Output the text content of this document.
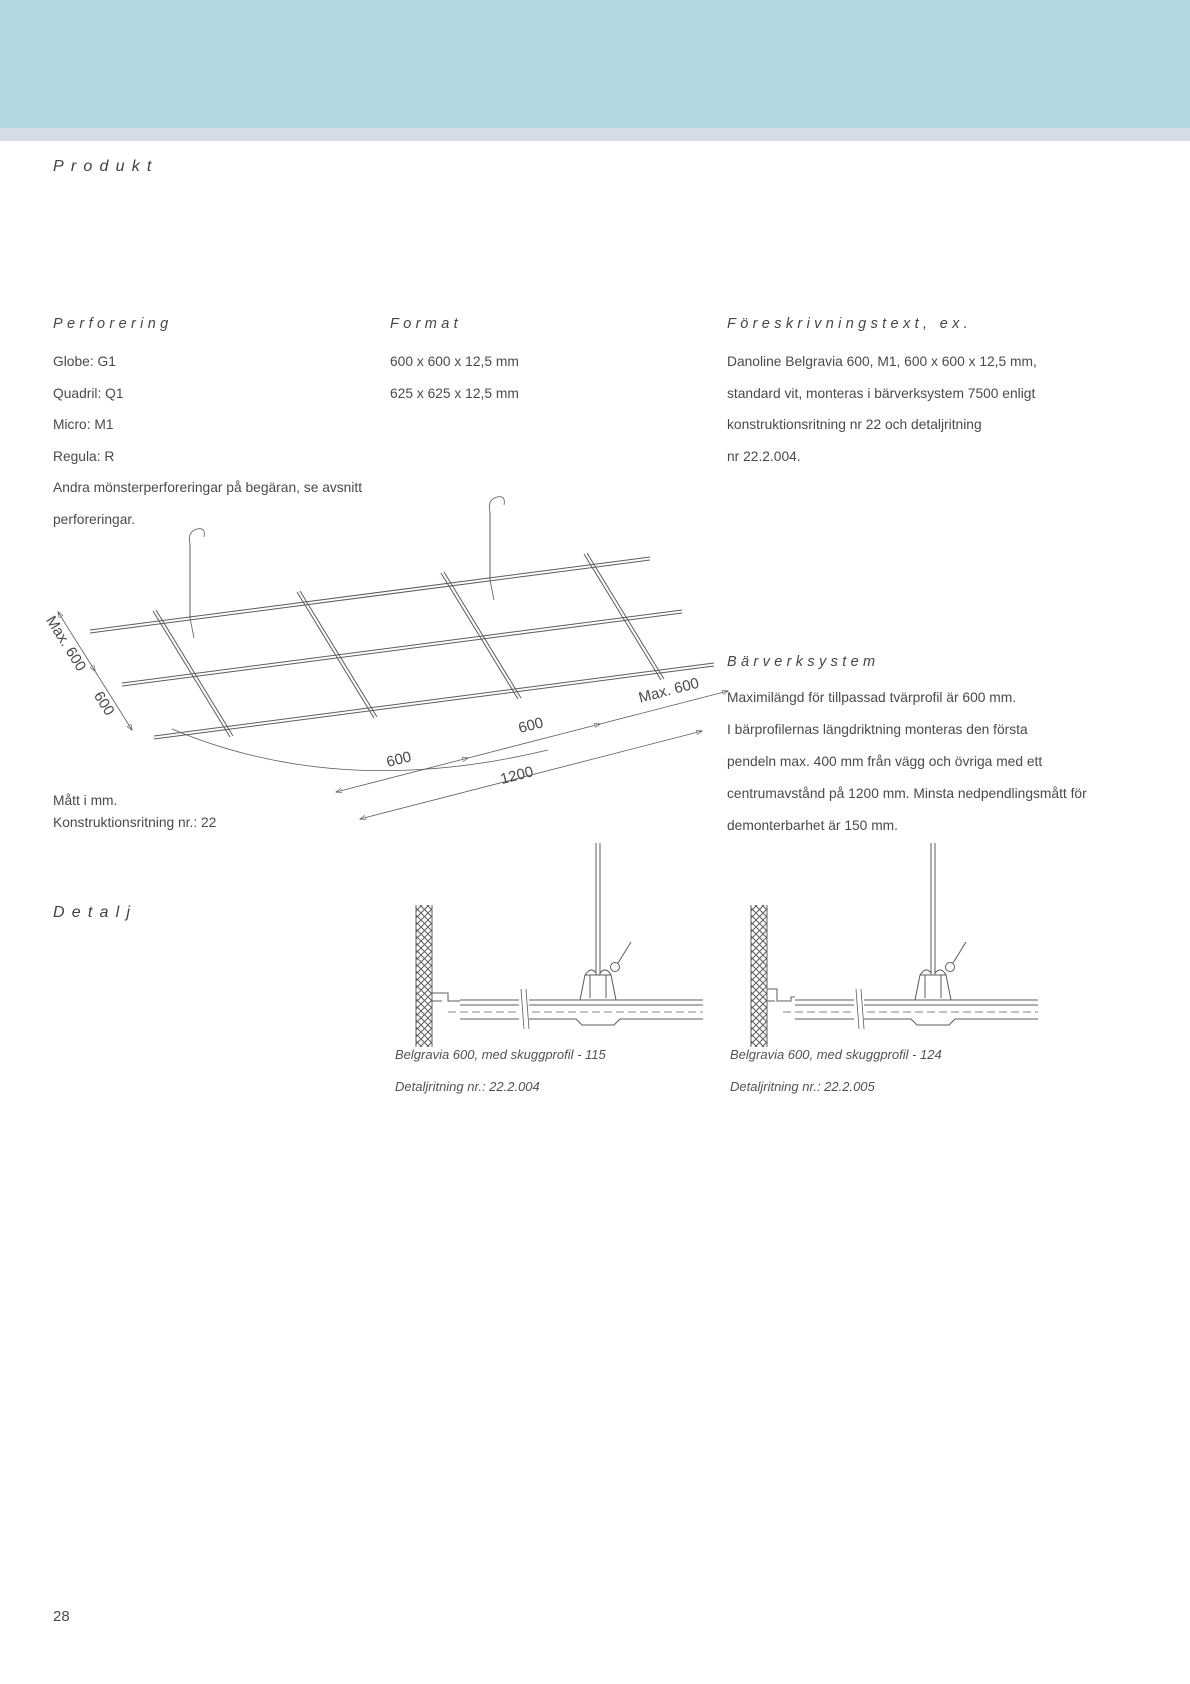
Produkt
Perforering
Globe: G1
Quadril: Q1
Micro: M1
Regula: R
Andra mönsterperforeringar på begäran, se avsnitt
perforeringar.
Format
600 x 600 x 12,5 mm
625 x 625 x 12,5 mm
Föreskrivningstext, ex.
Danoline Belgravia 600, M1, 600 x 600 x 12,5 mm,
standard vit, monteras i bärverksystem 7500 enligt
konstruktionsritning nr 22 och detaljritning
nr 22.2.004.
Max. 600
600
600
600
Max. 600
1200
Mått i mm.
Konstruktionsritning nr.: 22
Bärverksystem
Maximilängd för tillpassad tvärprofil är 600 mm.
I bärprofilernas längdriktning monteras den första
pendeln max. 400 mm från vägg och övriga med ett
centrumavstånd på 1200 mm. Minsta nedpendlingsmått för
demonterbarhet är 150 mm.
Detalj
Belgravia 600, med skuggprofil - 115
Detaljritning nr.: 22.2.004
Belgravia 600, med skuggprofil - 124
Detaljritning nr.: 22.2.005
28
